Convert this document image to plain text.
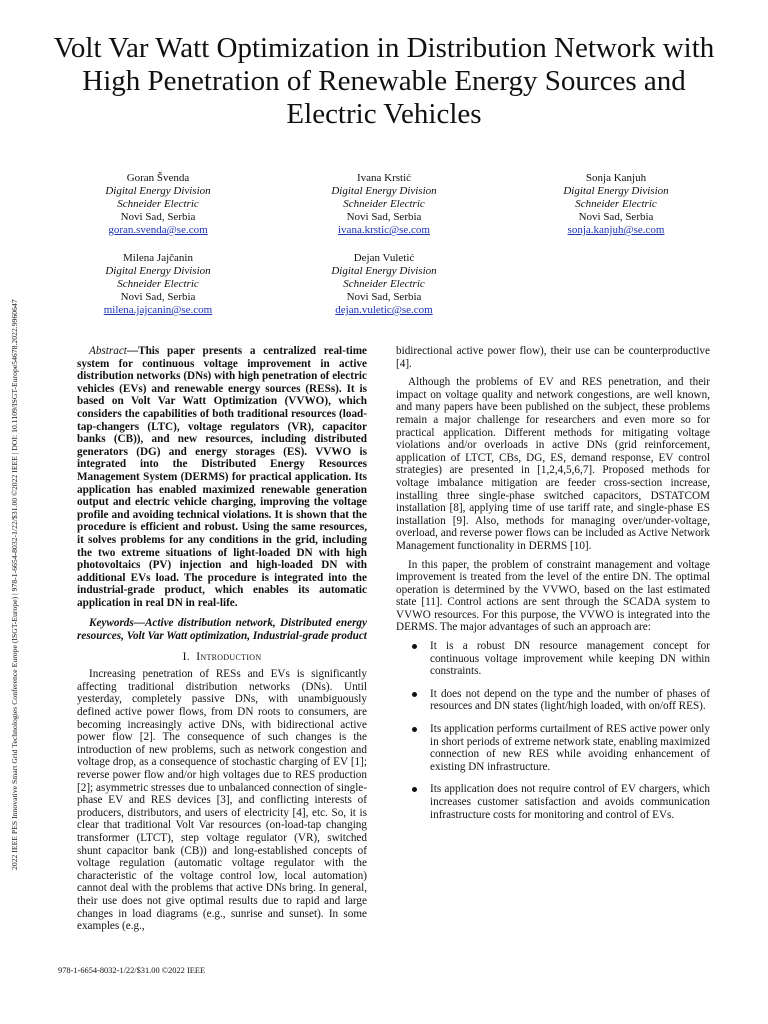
2022 IEEE PES Innovative Smart Grid Technologies Conference Europe (ISGT-Europe) | 978-1-6654-8032-1/22/$31.00 ©2022 IEEE | DOI: 10.1109/ISGT-Europe54678.2022.9960647
Volt Var Watt Optimization in Distribution Network with High Penetration of Renewable Energy Sources and Electric Vehicles
Goran Švenda
Digital Energy Division
Schneider Electric
Novi Sad, Serbia
goran.svenda@se.com
Ivana Krstić
Digital Energy Division
Schneider Electric
Novi Sad, Serbia
ivana.krstic@se.com
Sonja Kanjuh
Digital Energy Division
Schneider Electric
Novi Sad, Serbia
sonja.kanjuh@se.com
Milena Jajčanin
Digital Energy Division
Schneider Electric
Novi Sad, Serbia
milena.jajcanin@se.com
Dejan Vuletić
Digital Energy Division
Schneider Electric
Novi Sad, Serbia
dejan.vuletic@se.com

Abstract—This paper presents a centralized real-time system for continuous voltage improvement in active distribution networks (DNs) with high penetration of electric vehicles (EVs) and renewable energy sources (RESs). It is based on Volt Var Watt Optimization (VVWO), which considers the capabilities of both traditional resources (load-tap-changers (LTC), voltage regulators (VR), capacitor banks (CB)), and new resources, including distributed generators (DG) and energy storages (ES). VVWO is integrated into the Distributed Energy Resources Management System (DERMS) for practical application. Its application has enabled maximized renewable generation output and electric vehicle charging, improving the voltage profile and avoiding technical violations. It is shown that the procedure is efficient and robust. Using the same resources, it solves problems for any conditions in the grid, including the two extreme situations of light-loaded DN with high photovoltaics (PV) injection and high-loaded DN with additional EVs load. The procedure is integrated into the industrial-grade product, which enables its automatic application in real DN in real-life.

Keywords—Active distribution network, Distributed energy resources, Volt Var Watt optimization, Industrial-grade product

I. Introduction

Increasing penetration of RESs and EVs is significantly affecting traditional distribution networks (DNs). Until yesterday, completely passive DNs, with unambiguously defined active power flows, from DN roots to consumers, are becoming increasingly active DNs, with bidirectional active power flow [2]. The consequence of such changes is the introduction of new problems, such as network congestion and voltage drop, as a consequence of stochastic charging of EV [1]; reverse power flow and/or high voltages due to RES production [2]; asymmetric stresses due to unbalanced connection of single-phase EV and RES devices [3], and conflicting interests of producers, distributors, and users of electricity [4], etc. So, it is clear that traditional Volt Var resources (on-load-tap changing transformer (LTCT), step voltage regulator (VR), switched shunt capacitor bank (CB)) and long-established concepts of voltage regulation (automatic voltage regulator with the characteristic of the voltage control low, local automation) cannot deal with the problems that active DNs bring. In general, their use does not give optimal results due to rapid and large changes in load diagrams (e.g., sunrise and sunset). In some examples (e.g.,

bidirectional active power flow), their use can be counterproductive [4].

Although the problems of EV and RES penetration, and their impact on voltage quality and network congestions, are well known, and many papers have been published on the subject, these problems remain a major challenge for researchers and even more so for practical application. Different methods for mitigating voltage violations and/or overloads in active DNs (grid reinforcement, application of LTCT, CBs, DG, ES, demand response, EV control strategies) are presented in [1,2,4,5,6,7]. Proposed methods for voltage imbalance mitigation are feeder cross-section increase, installing three single-phase switched capacitors, DSTATCOM installation [8], applying time of use tariff rate, and single-phase ES installation [9]. Also, methods for managing over/under-voltage, overload, and reverse power flows can be included as Active Network Management functionality in DERMS [10].

In this paper, the problem of constraint management and voltage improvement is treated from the level of the entire DN. The optimal operation is determined by the VVWO, based on the last estimated state [11]. Control actions are sent through the SCADA system to VVWO resources. For this purpose, the VVWO is integrated into the DERMS. The major advantages of such an approach are:

It is a robust DN resource management concept for continuous voltage improvement while keeping DN within constraints.
It does not depend on the type and the number of phases of resources and DN states (light/high loaded, with on/off RES).
Its application performs curtailment of RES active power only in short periods of extreme network state, enabling maximized connection of new RES while avoiding enhancement of existing DN infrastructure.
Its application does not require control of EV chargers, which increases customer satisfaction and avoids communication infrastructure costs for monitoring and control of EVs.
978-1-6654-8032-1/22/$31.00 ©2022 IEEE
